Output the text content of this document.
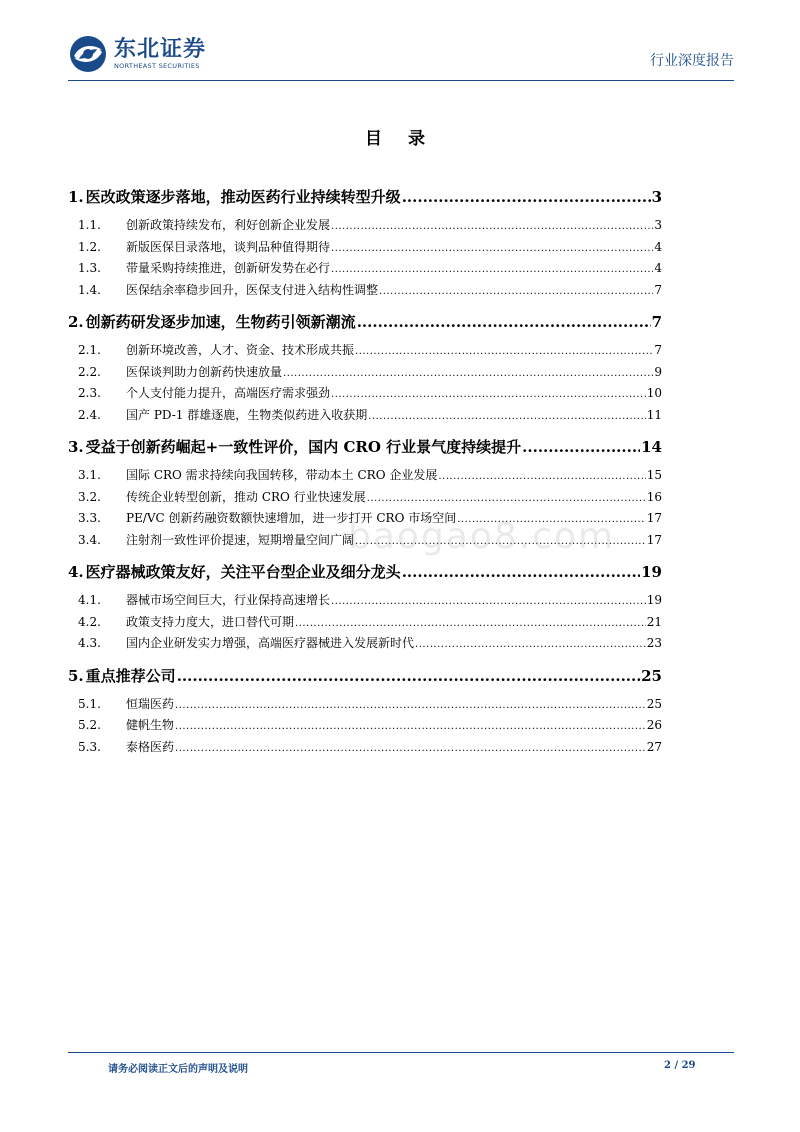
东北证券
NORTHEAST SECURITIES	行业深度报告
目 录
1. 医改政策逐步落地，推动医药行业持续转型升级 .....	3
1.1.	创新政策持续发布，利好创新企业发展 .....	3
1.2.	新版医保目录落地，谈判品种值得期待 .....	4
1.3.	带量采购持续推进，创新研发势在必行 .....	4
1.4.	医保结余率稳步回升，医保支付进入结构性调整 .....	7
2. 创新药研发逐步加速，生物药引领新潮流 .....	7
2.1.	创新环境改善，人才、资金、技术形成共振 .....	7
2.2.	医保谈判助力创新药快速放量 .....	9
2.3.	个人支付能力提升，高端医疗需求强劲 .....	10
2.4.	国产 PD-1 群雄逐鹿，生物类似药进入收获期 .....	11
3. 受益于创新药崛起+一致性评价，国内 CRO 行业景气度持续提升 .....	14
3.1.	国际 CRO 需求持续向我国转移，带动本土 CRO 企业发展 .....	15
3.2.	传统企业转型创新，推动 CRO 行业快速发展 .....	16
3.3.	PE/VC 创新药融资数额快速增加，进一步打开 CRO 市场空间 .....	17
3.4.	注射剂一致性评价提速，短期增量空间广阔 .....	17
4. 医疗器械政策友好，关注平台型企业及细分龙头 .....	19
4.1.	器械市场空间巨大，行业保持高速增长 .....	19
4.2.	政策支持力度大，进口替代可期 .....	21
4.3.	国内企业研发实力增强，高端医疗器械进入发展新时代 .....	23
5. 重点推荐公司 .....	25
5.1.	恒瑞医药 .....	25
5.2.	健帆生物 .....	26
5.3.	泰格医药 .....	27
baogao8.com
请务必阅读正文后的声明及说明	2 / 29
